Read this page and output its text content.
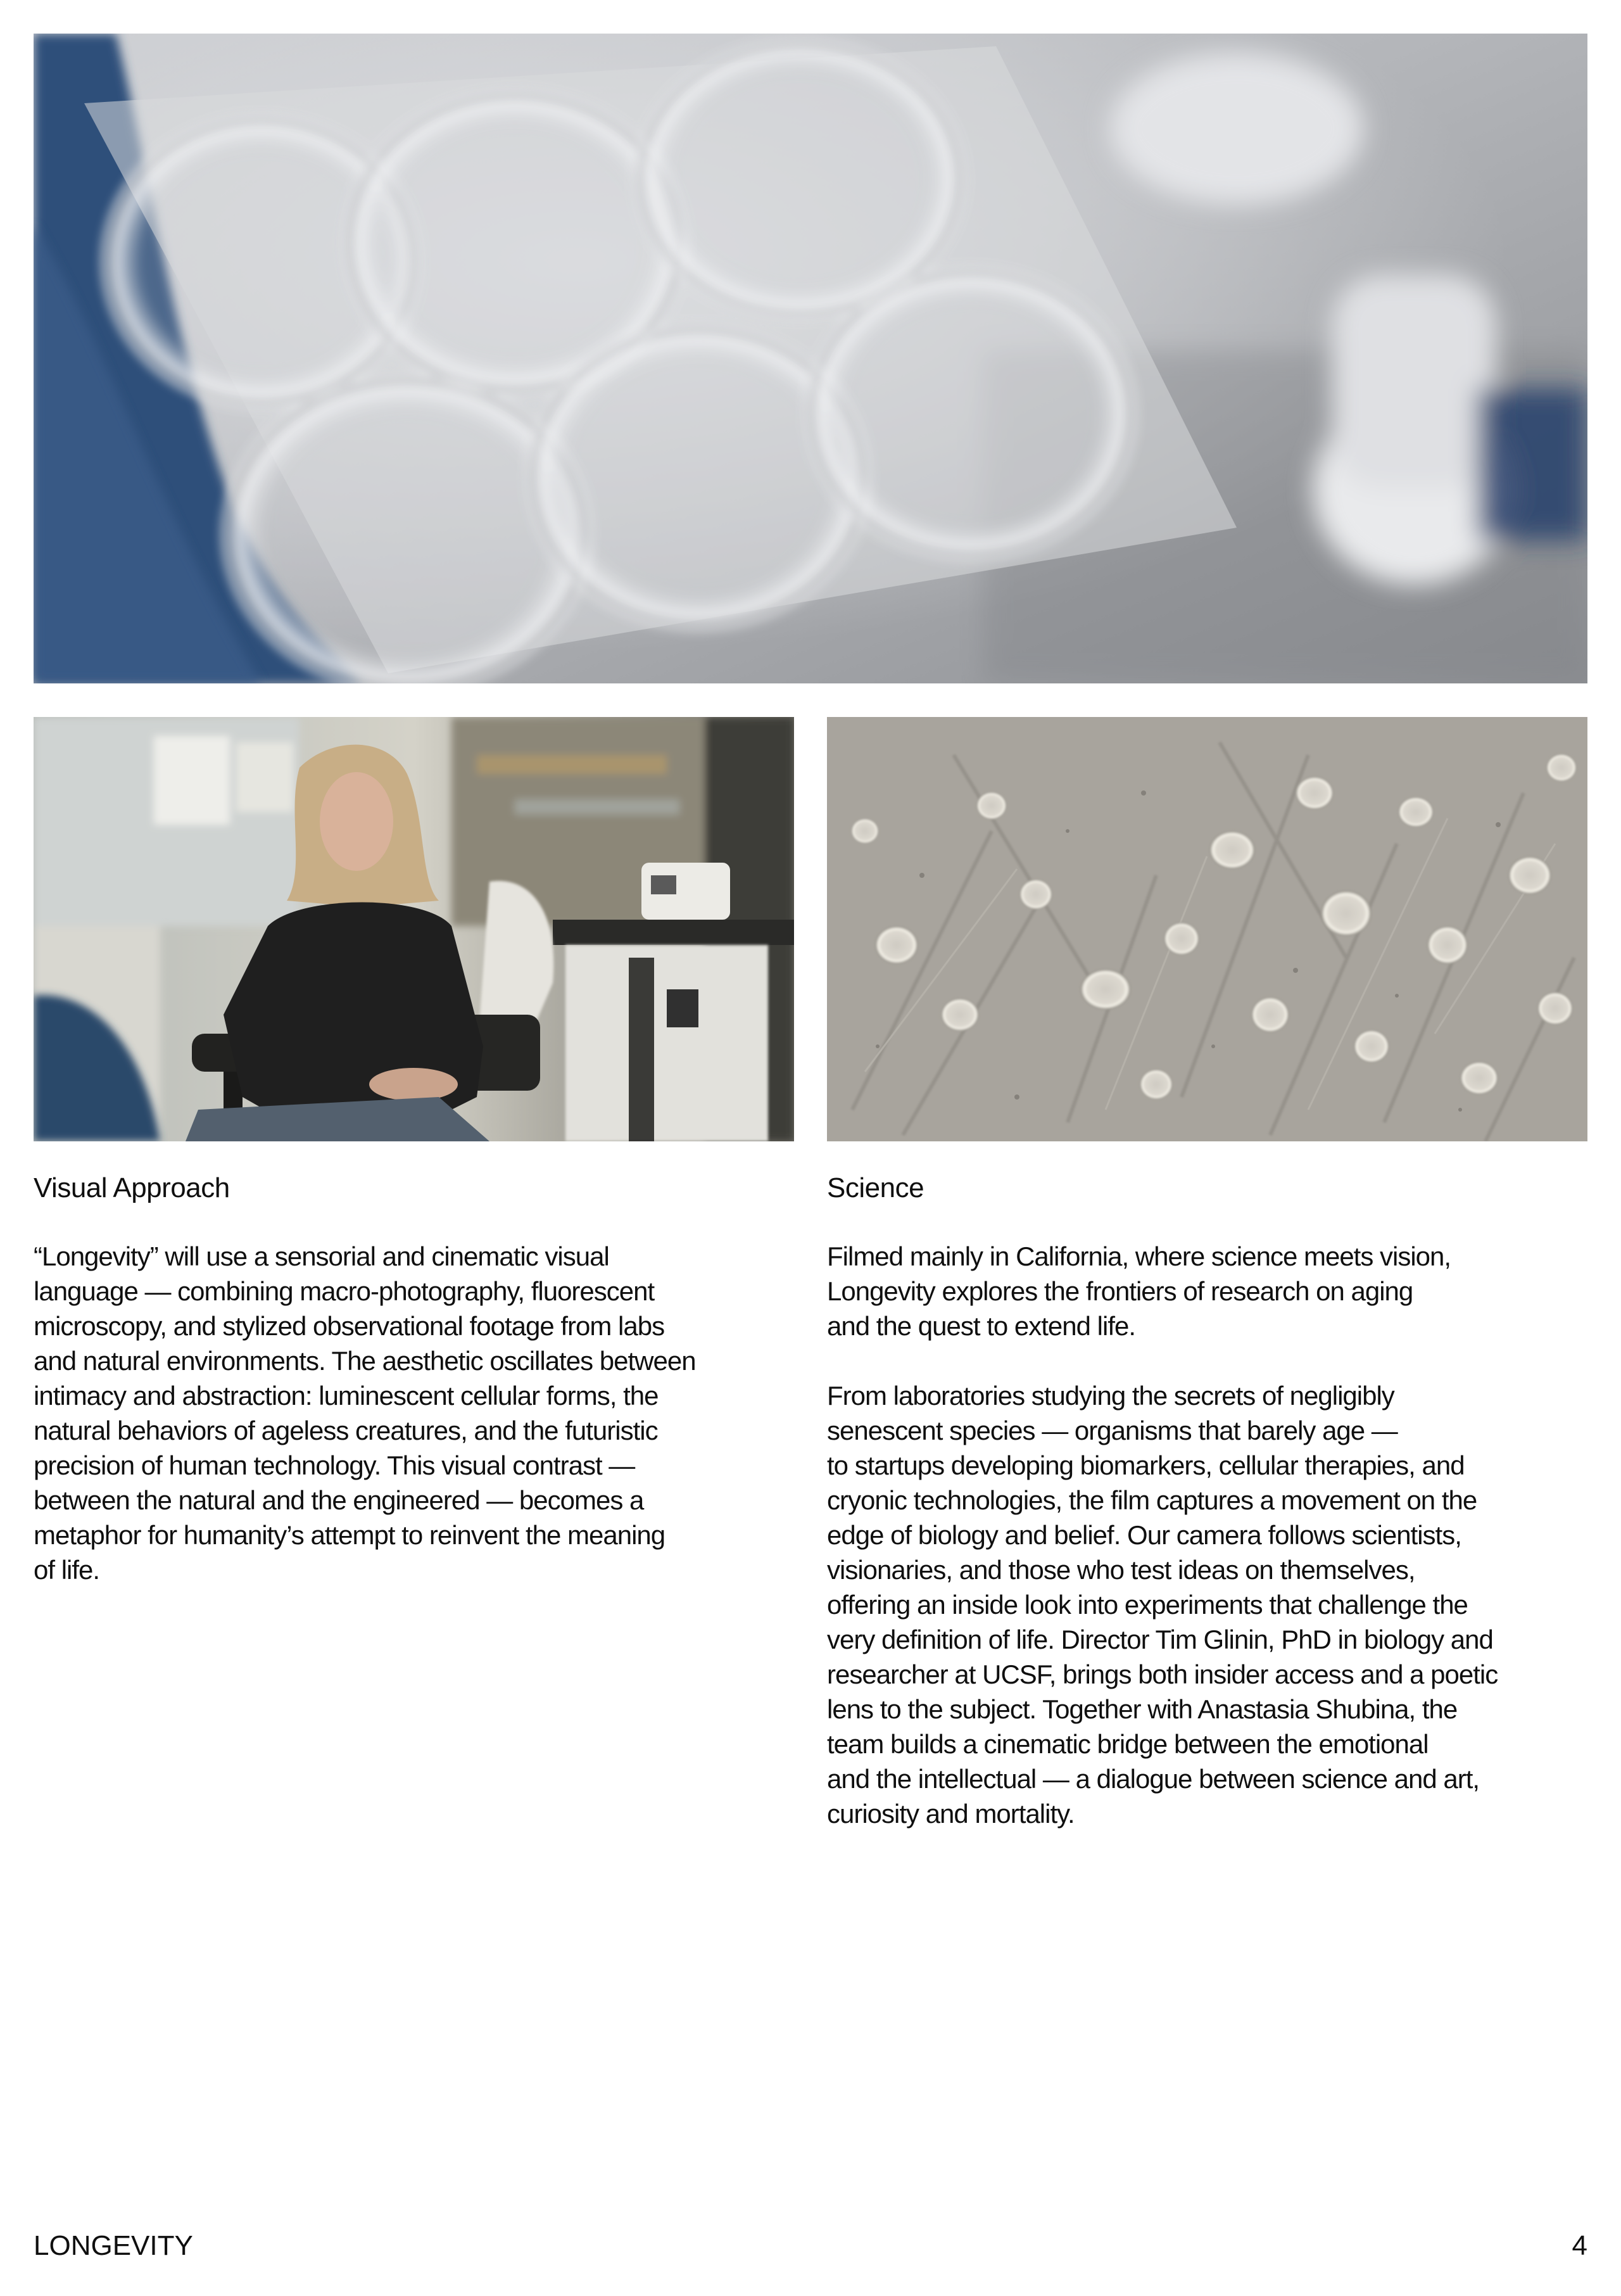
Visual Approach

“Longevity” will use a sensorial and cinematic visual
language — combining macro-photography, fluorescent
microscopy, and stylized observational footage from labs
and natural environments. The aesthetic oscillates between
intimacy and abstraction: luminescent cellular forms, the
natural behaviors of ageless creatures, and the futuristic
precision of human technology. This visual contrast —
between the natural and the engineered — becomes a
metaphor for humanity’s attempt to reinvent the meaning
of life.

Science

Filmed mainly in California, where science meets vision,
Longevity explores the frontiers of research on aging
and the quest to extend life.

From laboratories studying the secrets of negligibly
senescent species — organisms that barely age —
to startups developing biomarkers, cellular therapies, and
cryonic technologies, the film captures a movement on the
edge of biology and belief. Our camera follows scientists,
visionaries, and those who test ideas on themselves,
offering an inside look into experiments that challenge the
very definition of life. Director Tim Glinin, PhD in biology and
researcher at UCSF, brings both insider access and a poetic
lens to the subject. Together with Anastasia Shubina, the
team builds a cinematic bridge between the emotional
and the intellectual — a dialogue between science and art,
curiosity and mortality.

LONGEVITY	4
